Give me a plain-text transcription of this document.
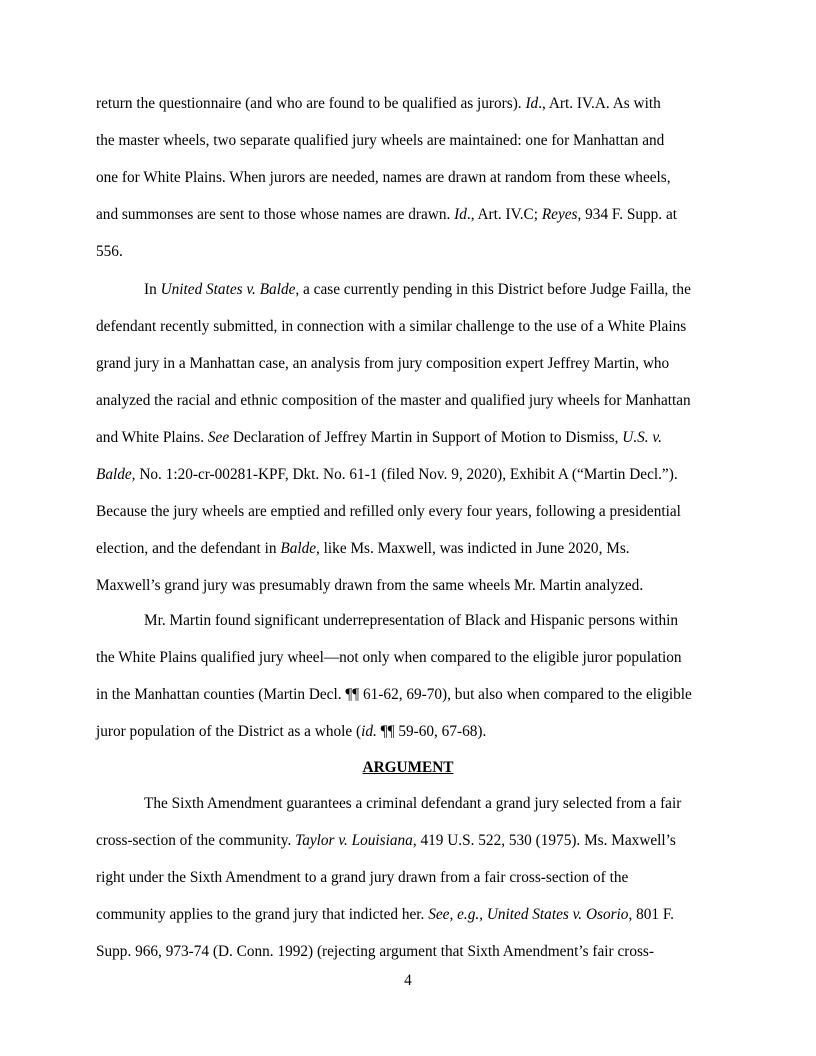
return the questionnaire (and who are found to be qualified as jurors). Id., Art. IV.A. As with
the master wheels, two separate qualified jury wheels are maintained: one for Manhattan and
one for White Plains. When jurors are needed, names are drawn at random from these wheels,
and summonses are sent to those whose names are drawn. Id., Art. IV.C; Reyes, 934 F. Supp. at
556.
In United States v. Balde, a case currently pending in this District before Judge Failla, the
defendant recently submitted, in connection with a similar challenge to the use of a White Plains
grand jury in a Manhattan case, an analysis from jury composition expert Jeffrey Martin, who
analyzed the racial and ethnic composition of the master and qualified jury wheels for Manhattan
and White Plains. See Declaration of Jeffrey Martin in Support of Motion to Dismiss, U.S. v.
Balde, No. 1:20-cr-00281-KPF, Dkt. No. 61-1 (filed Nov. 9, 2020), Exhibit A (“Martin Decl.”).
Because the jury wheels are emptied and refilled only every four years, following a presidential
election, and the defendant in Balde, like Ms. Maxwell, was indicted in June 2020, Ms.
Maxwell’s grand jury was presumably drawn from the same wheels Mr. Martin analyzed.
Mr. Martin found significant underrepresentation of Black and Hispanic persons within
the White Plains qualified jury wheel—not only when compared to the eligible juror population
in the Manhattan counties (Martin Decl. ¶¶ 61-62, 69-70), but also when compared to the eligible
juror population of the District as a whole (id. ¶¶ 59-60, 67-68).
The Sixth Amendment guarantees a criminal defendant a grand jury selected from a fair
cross-section of the community. Taylor v. Louisiana, 419 U.S. 522, 530 (1975). Ms. Maxwell’s
right under the Sixth Amendment to a grand jury drawn from a fair cross-section of the
community applies to the grand jury that indicted her. See, e.g., United States v. Osorio, 801 F.
Supp. 966, 973-74 (D. Conn. 1992) (rejecting argument that Sixth Amendment’s fair cross-
ARGUMENT
4
